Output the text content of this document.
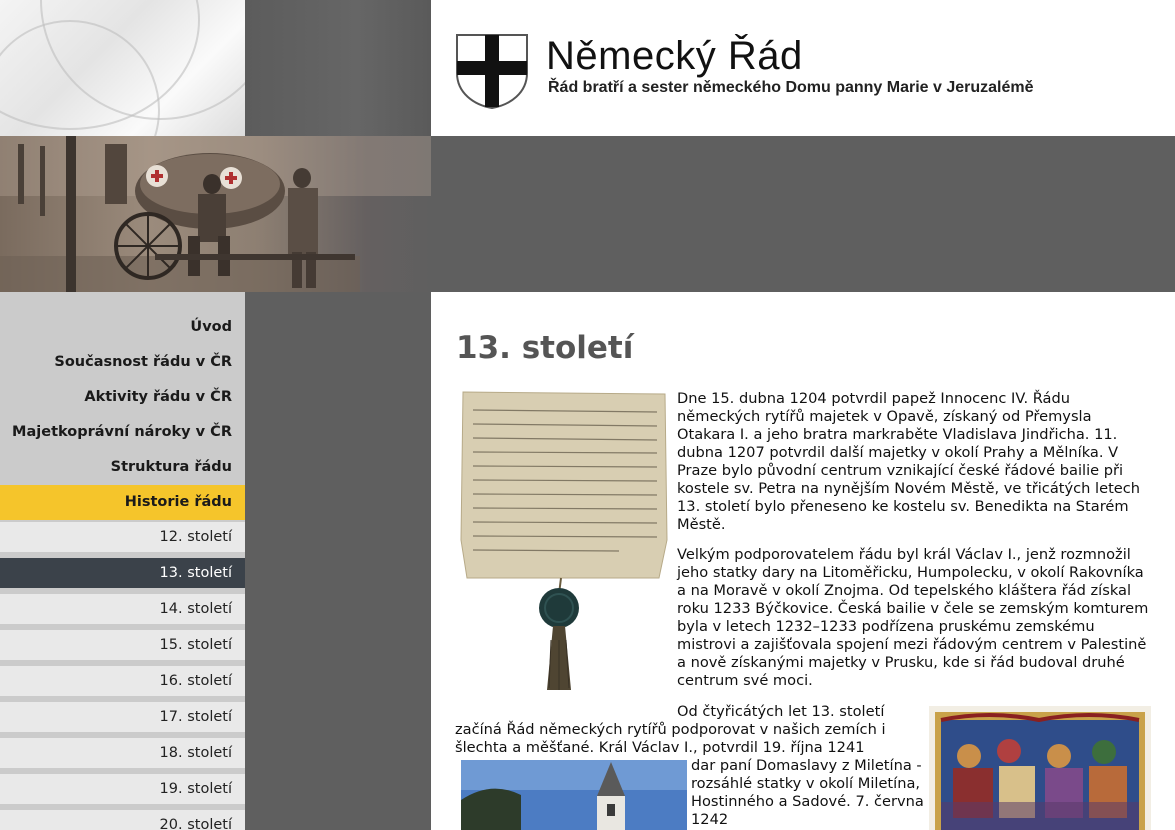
Úvod
Současnost řádu v ČR
Aktivity řádu v ČR
Majetkoprávní nároky v ČR
Struktura řádu
Historie řádu
12. století
13. století
14. století
15. století
16. století
17. století
18. století
19. století
20. století
Německý Řád
Řád bratří a sester německého Domu panny Marie v Jeruzalémě
13. století

Dne 15. dubna 1204 potvrdil papež Innocenc IV. Řádu německých rytířů majetek v Opavě, získaný od Přemysla Otakara I. a jeho bratra markraběte Vladislava Jindřicha. 11. dubna 1207 potvrdil další majetky v okolí Prahy a Mělníka. V Praze bylo původní centrum vznikající české řádové bailie při kostele sv. Petra na nynějším Novém Městě, ve třicátých letech 13. století bylo přeneseno ke kostelu sv. Benedikta na Starém Městě.

Velkým podporovatelem řádu byl král Václav I., jenž rozmnožil jeho statky dary na Litoměřicku, Humpolecku, v okolí Rakovníka a na Moravě v okolí Znojma. Od tepelského kláštera řád získal roku 1233 Býčkovice. Česká bailie v čele se zemským komturem byla v letech 1232–1233 podřízena pruskému zemskému mistrovi a zajišťovala spojení mezi řádovým centrem v Palestině a nově získanými majetky v Prusku, kde si řád budoval druhé centrum své moci.

Od čtyřicátých let 13. století

začíná Řád německých rytířů podporovat v našich zemích i šlechta a měšťané. Král Václav I., potvrdil 19. října 1241

dar paní Domaslavy z Miletína - rozsáhlé statky v okolí Miletína, Hostinného a Sadové. 7. června 1242
